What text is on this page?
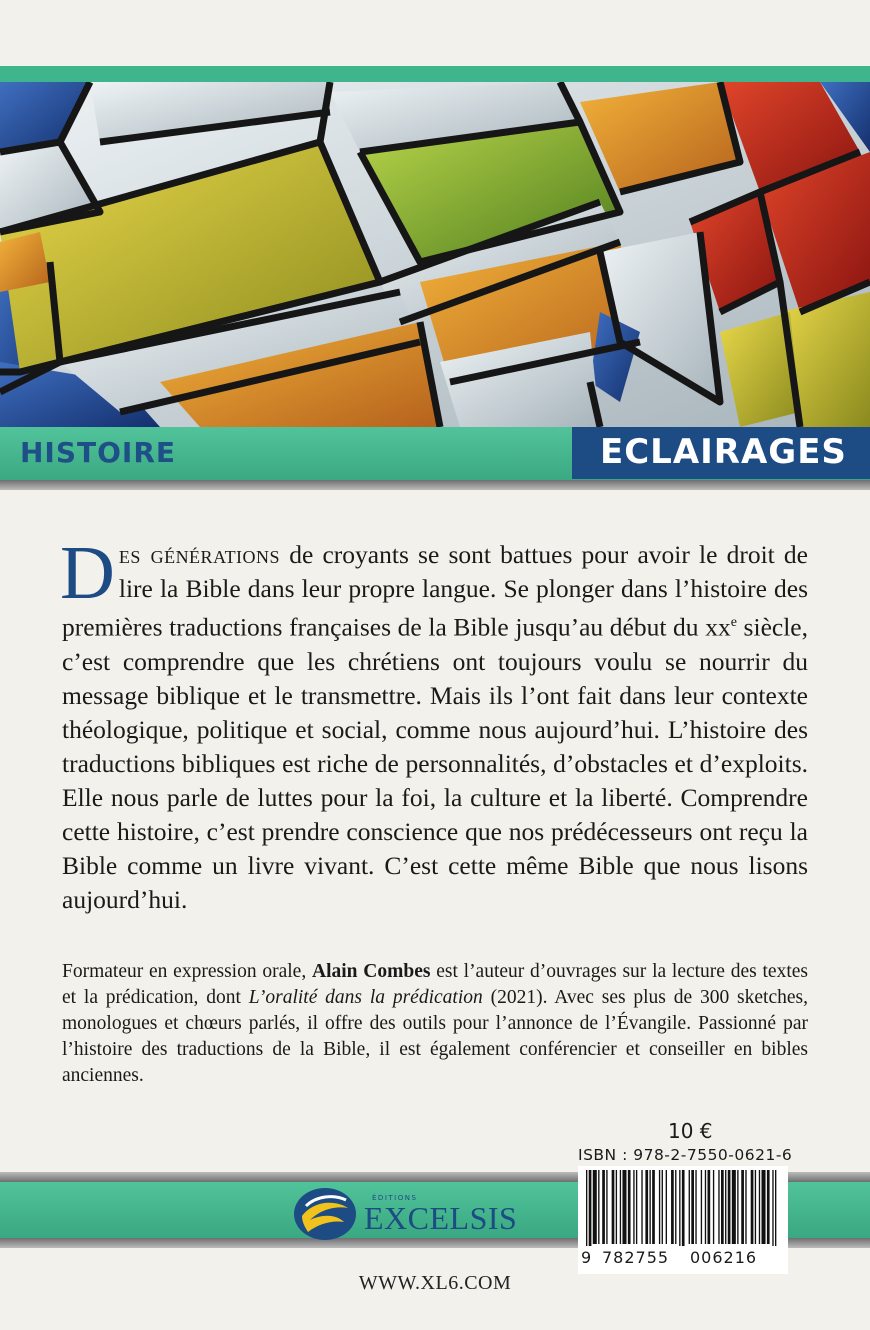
HISTOIRE	ECLAIRAGES
Des générations de croyants se sont battues pour avoir le droit de lire la Bible dans leur propre langue. Se plonger dans l’histoire des premières traductions françaises de la Bible jusqu’au début du $xx^e$ siècle, c’est comprendre que les chrétiens ont toujours voulu se nourrir du message biblique et le transmettre. Mais ils l’ont fait dans leur contexte théologique, politique et social, comme nous aujourd’hui. L’histoire des traductions bibliques est riche de personnalités, d’obstacles et d’exploits. Elle nous parle de luttes pour la foi, la culture et la liberté. Comprendre cette histoire, c’est prendre conscience que nos prédécesseurs ont reçu la Bible comme un livre vivant. C’est cette même Bible que nous lisons aujourd’hui.
Formateur en expression orale, Alain Combes est l’auteur d’ouvrages sur la lecture des textes et la prédication, dont L’oralité dans la prédication (2021). Avec ses plus de 300 sketches, monologues et chœurs parlés, il offre des outils pour l’annonce de l’Évangile. Passionné par l’histoire des traductions de la Bible, il est également conférencier et conseiller en bibles anciennes.
10 €
ISBN : 978-2-7550-0621-6
9 782755 006216
ÉDITIONS
EXCELSIS
WWW.XL6.COM
